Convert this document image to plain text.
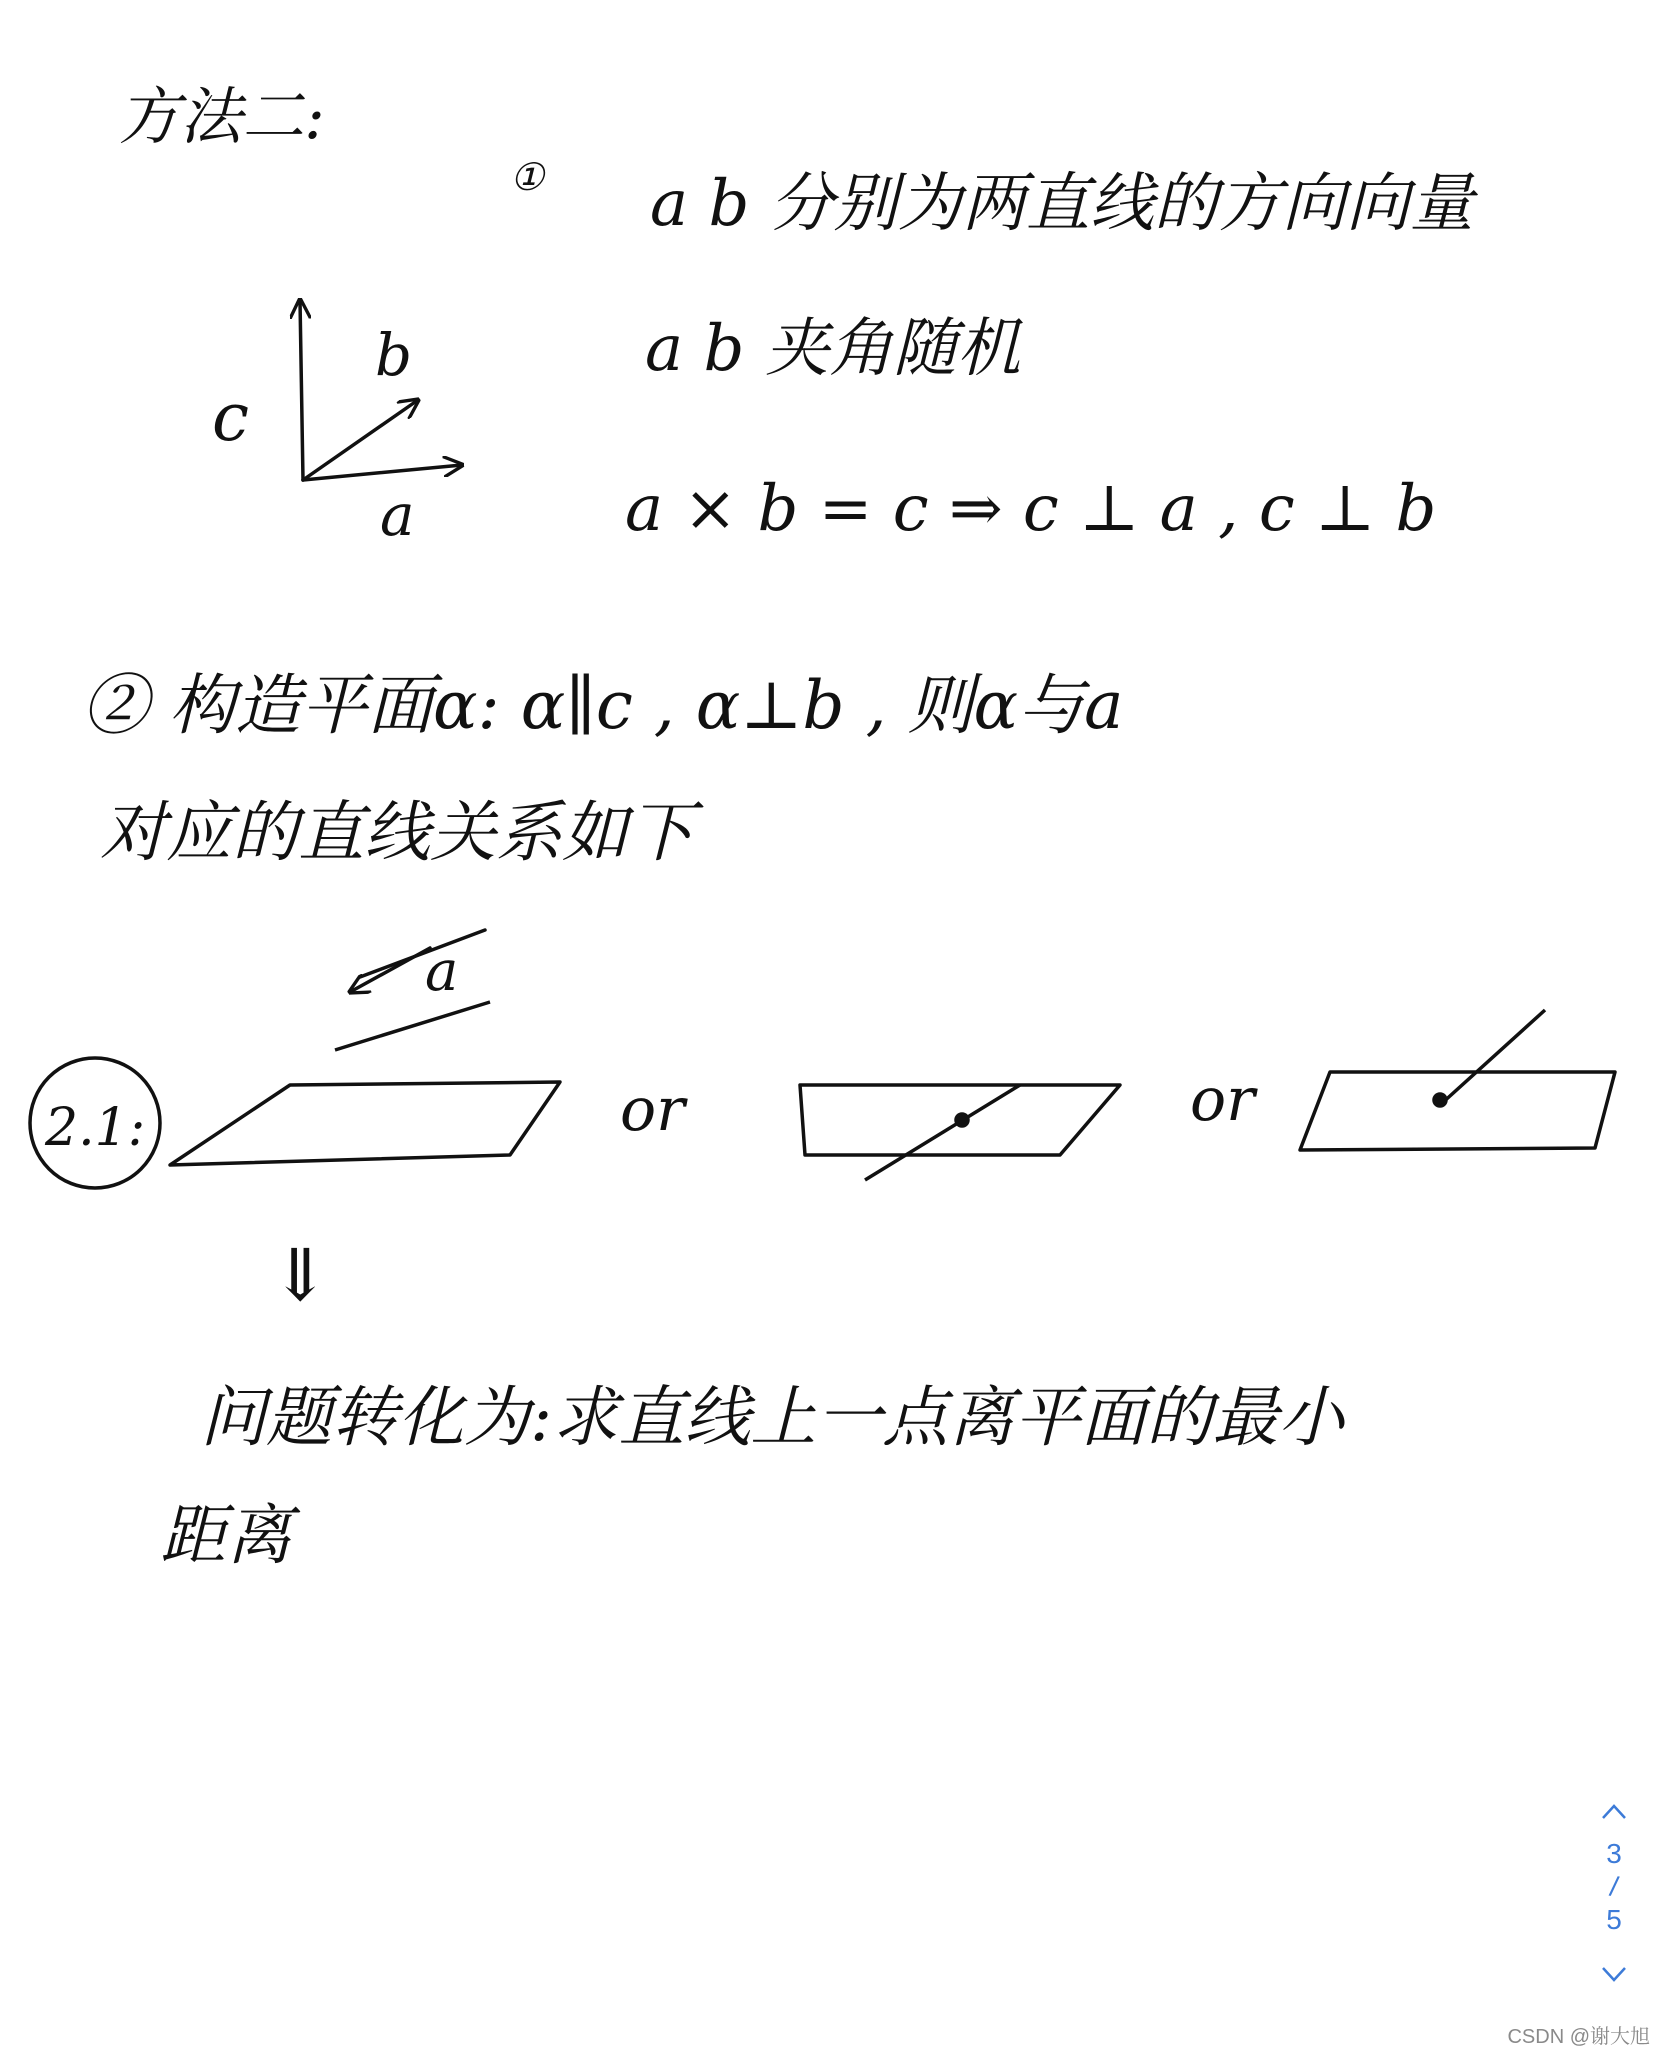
方法二:
① a b 分别为两直线的方向向量
a b 夹角随机
a × b = c ⇒ c ⊥ a , c ⊥ b
c
b
a
② 构造平面α: α∥c , α⊥b , 则α与a
对应的直线关系如下
2.1:
a
or	or
⇓
问题转化为:求直线上一点离平面的最小
距离
3
/
5
CSDN @谢大旭
